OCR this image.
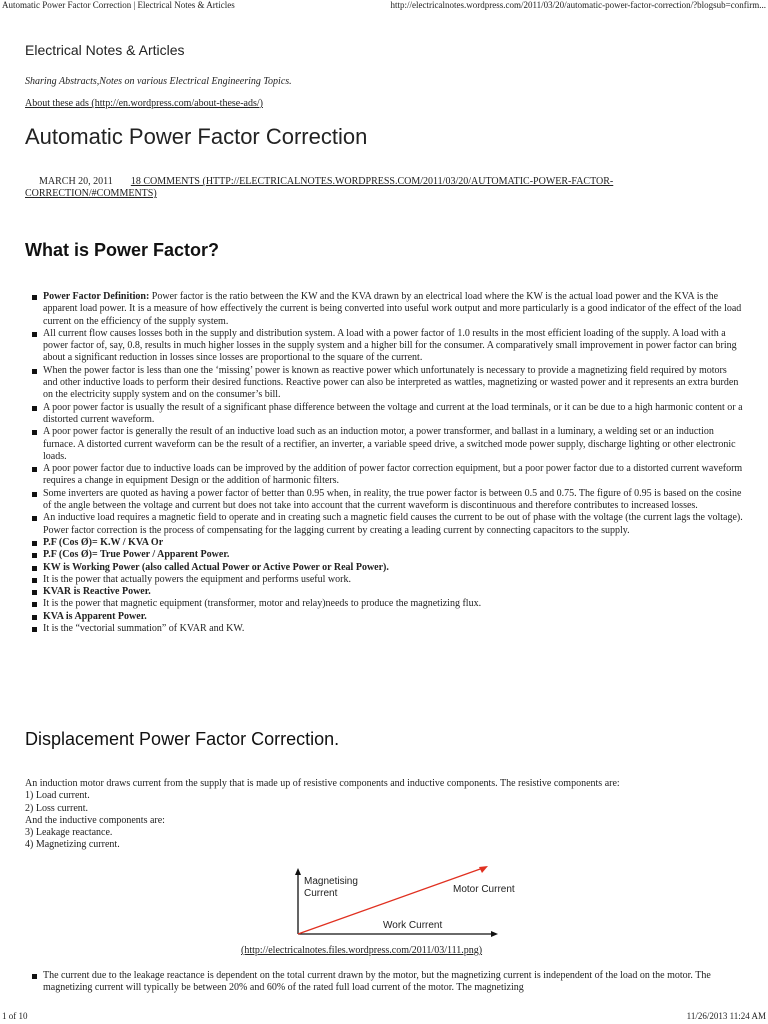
Automatic Power Factor Correction | Electrical Notes & Articles	http://electricalnotes.wordpress.com/2011/03/20/automatic-power-factor-correction/?blogsub=confirm...
Electrical Notes & Articles
Sharing Abstracts,Notes on various Electrical Engineering Topics.
About these ads (http://en.wordpress.com/about-these-ads/)
Automatic Power Factor Correction
MARCH 20, 2011 18 COMMENTS (HTTP://ELECTRICALNOTES.WORDPRESS.COM/2011/03/20/AUTOMATIC-POWER-FACTOR-CORRECTION/#COMMENTS)
What is Power Factor?
Power Factor Definition: Power factor is the ratio between the KW and the KVA drawn by an electrical load where the KW is the actual load power and the KVA is the apparent load power. It is a measure of how effectively the current is being converted into useful work output and more particularly is a good indicator of the effect of the load current on the efficiency of the supply system.
All current flow causes losses both in the supply and distribution system. A load with a power factor of 1.0 results in the most efficient loading of the supply. A load with a power factor of, say, 0.8, results in much higher losses in the supply system and a higher bill for the consumer. A comparatively small improvement in power factor can bring about a significant reduction in losses since losses are proportional to the square of the current.
When the power factor is less than one the ‘missing’ power is known as reactive power which unfortunately is necessary to provide a magnetizing field required by motors and other inductive loads to perform their desired functions. Reactive power can also be interpreted as wattles, magnetizing or wasted power and it represents an extra burden on the electricity supply system and on the consumer’s bill.
A poor power factor is usually the result of a significant phase difference between the voltage and current at the load terminals, or it can be due to a high harmonic content or a distorted current waveform.
A poor power factor is generally the result of an inductive load such as an induction motor, a power transformer, and ballast in a luminary, a welding set or an induction furnace. A distorted current waveform can be the result of a rectifier, an inverter, a variable speed drive, a switched mode power supply, discharge lighting or other electronic loads.
A poor power factor due to inductive loads can be improved by the addition of power factor correction equipment, but a poor power factor due to a distorted current waveform requires a change in equipment Design or the addition of harmonic filters.
Some inverters are quoted as having a power factor of better than 0.95 when, in reality, the true power factor is between 0.5 and 0.75. The figure of 0.95 is based on the cosine of the angle between the voltage and current but does not take into account that the current waveform is discontinuous and therefore contributes to increased losses.
An inductive load requires a magnetic field to operate and in creating such a magnetic field causes the current to be out of phase with the voltage (the current lags the voltage). Power factor correction is the process of compensating for the lagging current by creating a leading current by connecting capacitors to the supply.
P.F (Cos Ø)= K.W / KVA Or
P.F (Cos Ø)= True Power / Apparent Power.
KW is Working Power (also called Actual Power or Active Power or Real Power).
It is the power that actually powers the equipment and performs useful work.
KVAR is Reactive Power.
It is the power that magnetic equipment (transformer, motor and relay)needs to produce the magnetizing flux.
KVA is Apparent Power.
It is the “vectorial summation” of KVAR and KW.
Displacement Power Factor Correction.
An induction motor draws current from the supply that is made up of resistive components and inductive components. The resistive components are:
1) Load current.
2) Loss current.
And the inductive components are:
3) Leakage reactance.
4) Magnetizing current.
Magnetising
Current	Motor Current
Work Current
(http://electricalnotes.files.wordpress.com/2011/03/111.png)
The current due to the leakage reactance is dependent on the total current drawn by the motor, but the magnetizing current is independent of the load on the motor. The magnetizing current will typically be between 20% and 60% of the rated full load current of the motor. The magnetizing
1 of 10	11/26/2013 11:24 AM
